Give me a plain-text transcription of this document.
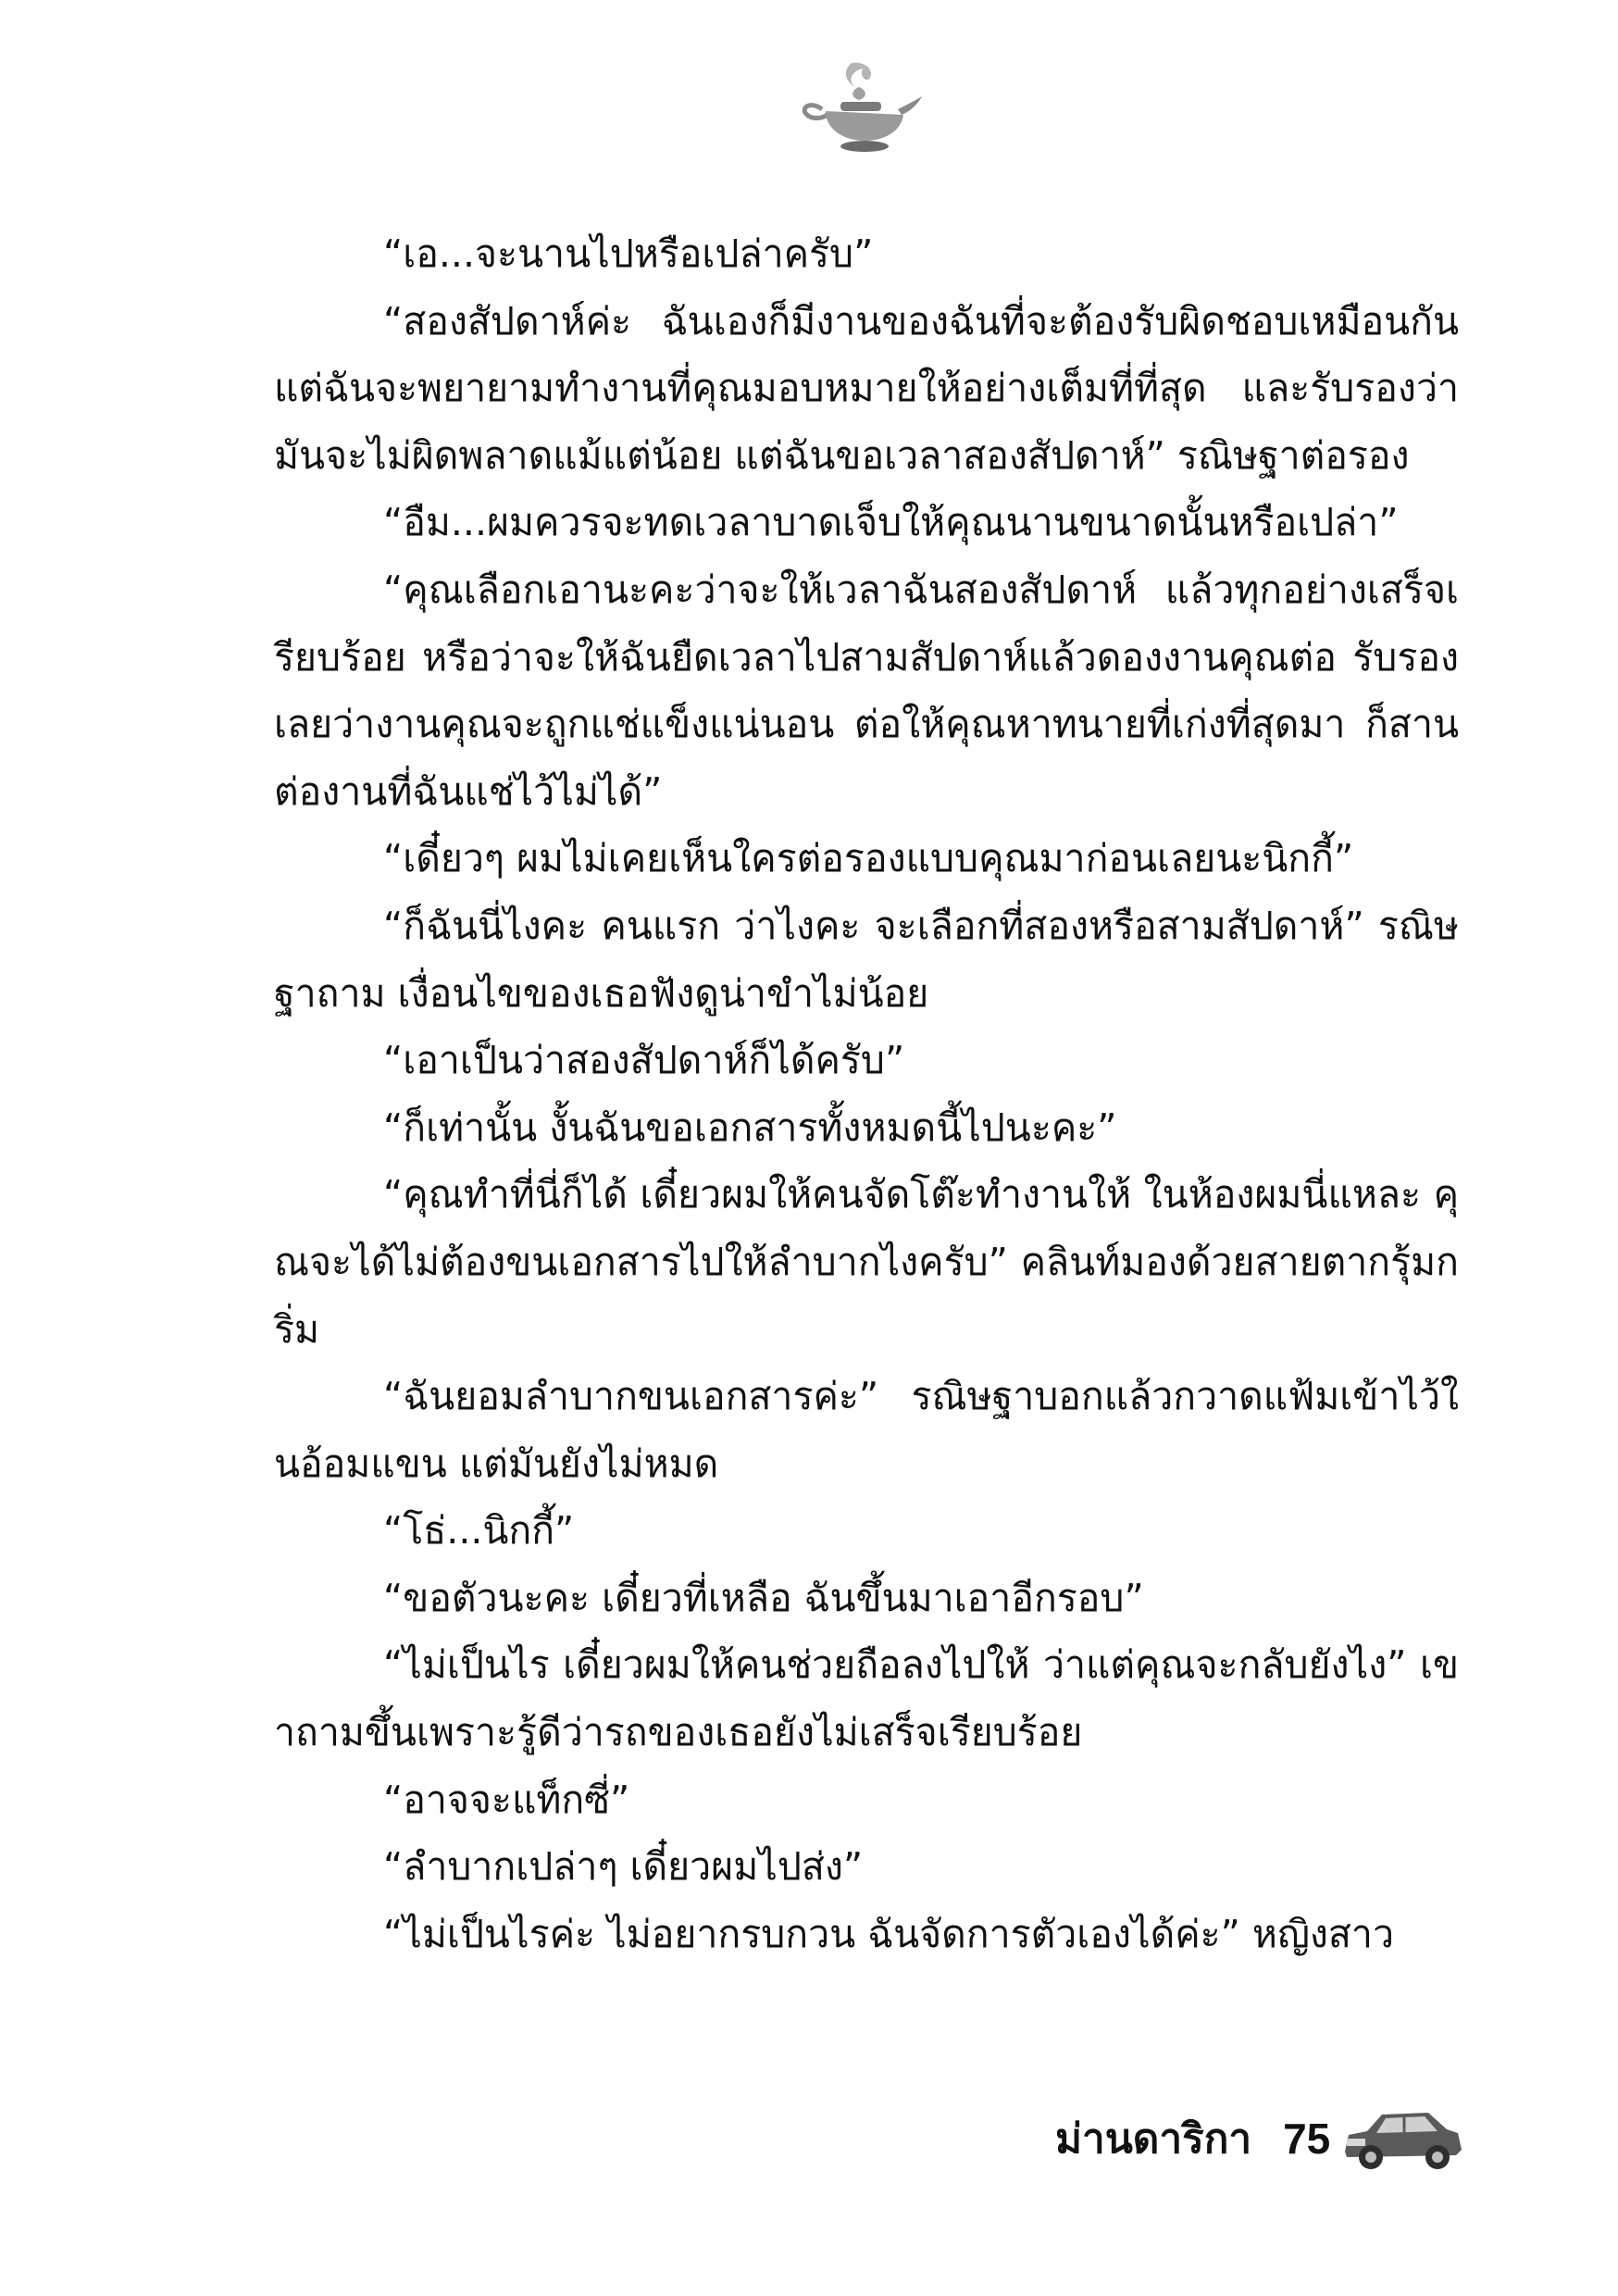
“เอ...จะนานไปหรือเปล่าครับ”

“สองสัปดาห์ค่ะ ฉันเองก็มีงานของฉันที่จะต้องรับผิดชอบเหมือนกัน แต่ฉันจะพยายามทำงานที่คุณมอบหมายให้อย่างเต็มที่ที่สุด และรับรองว่ามันจะไม่ผิดพลาดแม้แต่น้อย แต่ฉันขอเวลาสองสัปดาห์” รณิษฐาต่อรอง

“อืม...ผมควรจะทดเวลาบาดเจ็บให้คุณนานขนาดนั้นหรือเปล่า”

“คุณเลือกเอานะคะว่าจะให้เวลาฉันสองสัปดาห์ แล้วทุกอย่างเสร็จเรียบร้อย หรือว่าจะให้ฉันยืดเวลาไปสามสัปดาห์แล้วดองงานคุณต่อ รับรองเลยว่างานคุณจะถูกแช่แข็งแน่นอน ต่อให้คุณหาทนายที่เก่งที่สุดมา ก็สานต่องานที่ฉันแช่ไว้ไม่ได้”

“เดี๋ยวๆ ผมไม่เคยเห็นใครต่อรองแบบคุณมาก่อนเลยนะนิกกี้”

“ก็ฉันนี่ไงคะ คนแรก ว่าไงคะ จะเลือกที่สองหรือสามสัปดาห์” รณิษฐาถาม เงื่อนไขของเธอฟังดูน่าขำไม่น้อย

“เอาเป็นว่าสองสัปดาห์ก็ได้ครับ”

“ก็เท่านั้น งั้นฉันขอเอกสารทั้งหมดนี้ไปนะคะ”

“คุณทำที่นี่ก็ได้ เดี๋ยวผมให้คนจัดโต๊ะทำงานให้ ในห้องผมนี่แหละ คุณจะได้ไม่ต้องขนเอกสารไปให้ลำบากไงครับ” คลินท์มองด้วยสายตากรุ้มกริ่ม

“ฉันยอมลำบากขนเอกสารค่ะ” รณิษฐาบอกแล้วกวาดแฟ้มเข้าไว้ในอ้อมแขน แต่มันยังไม่หมด

“โธ่...นิกกี้”

“ขอตัวนะคะ เดี๋ยวที่เหลือ ฉันขึ้นมาเอาอีกรอบ”

“ไม่เป็นไร เดี๋ยวผมให้คนช่วยถือลงไปให้ ว่าแต่คุณจะกลับยังไง” เขาถามขึ้นเพราะรู้ดีว่ารถของเธอยังไม่เสร็จเรียบร้อย

“อาจจะแท็กซี่”

“ลำบากเปล่าๆ เดี๋ยวผมไปส่ง”

“ไม่เป็นไรค่ะ ไม่อยากรบกวน ฉันจัดการตัวเองได้ค่ะ” หญิงสาว

ม่านดาริกา 75
